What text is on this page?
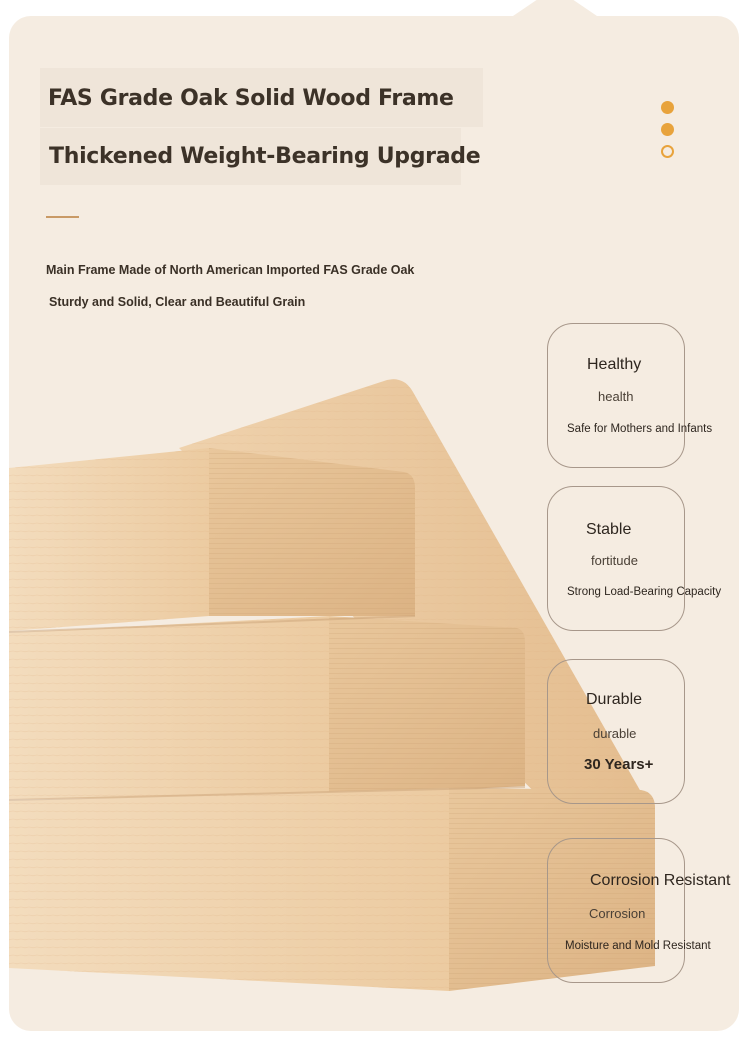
FAS Grade Oak Solid Wood Frame
Thickened Weight-Bearing Upgrade
Main Frame Made of North American Imported FAS Grade Oak
Sturdy and Solid, Clear and Beautiful Grain
Healthy
health
Safe for Mothers and Infants
Stable
fortitude
Strong Load-Bearing Capacity
Durable
durable
30 Years+
Corrosion Resistant
Corrosion
Moisture and Mold Resistant
